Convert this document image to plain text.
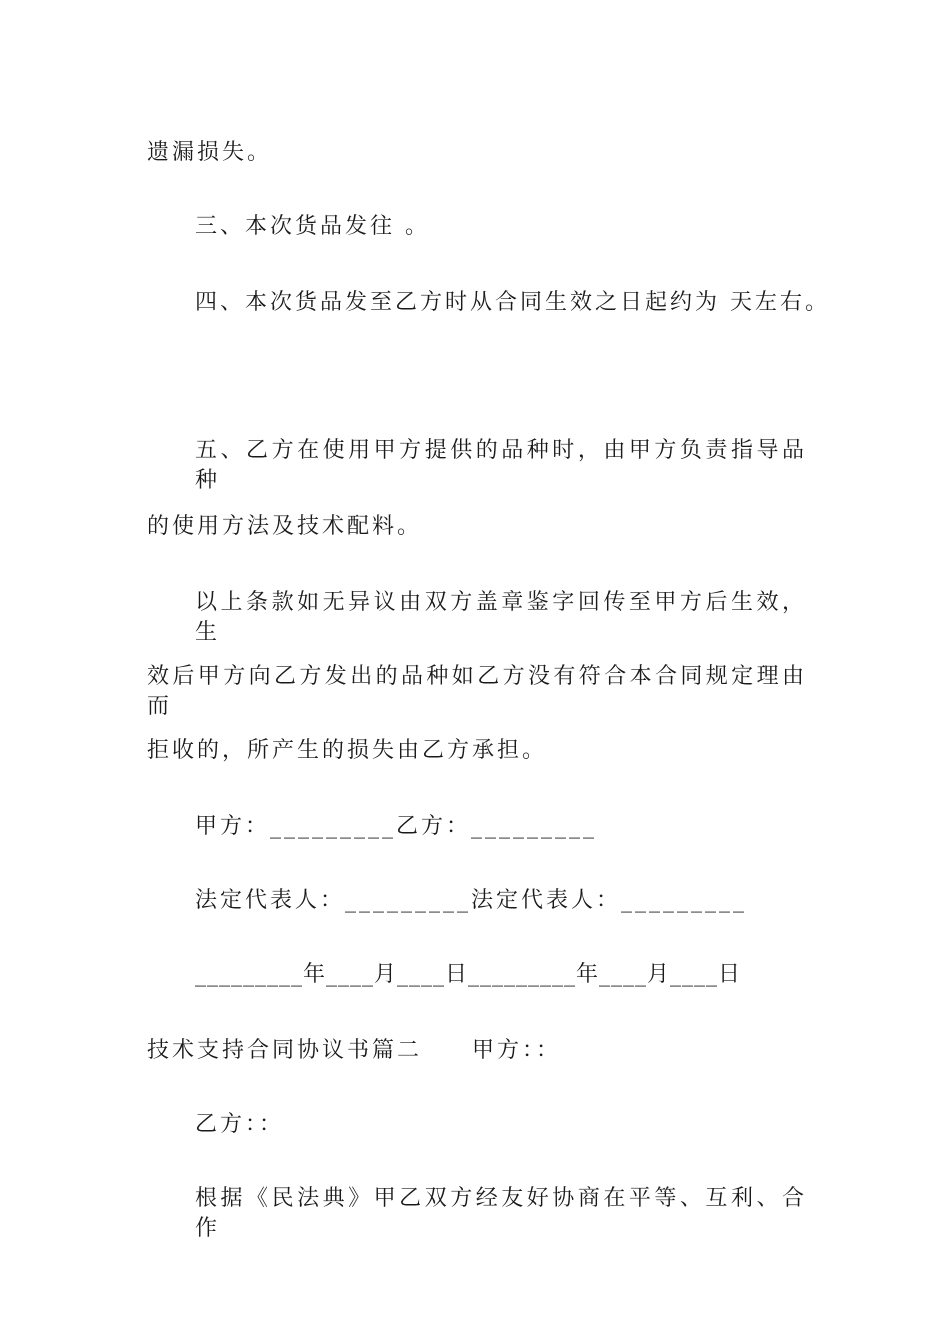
遗漏损失。
三、本次货品发往 。
四、本次货品发至乙方时从合同生效之日起约为 天左右。
五、乙方在使用甲方提供的品种时，由甲方负责指导品种
的使用方法及技术配料。
以上条款如无异议由双方盖章鉴字回传至甲方后生效，生
效后甲方向乙方发出的品种如乙方没有符合本合同规定理由而
拒收的，所产生的损失由乙方承担。
甲方：_________乙方：_________
法定代表人：_________法定代表人：_________
_________年____月____日_________年____月____日
技术支持合同协议书篇二　　甲方：：
乙方：：
根据《民法典》甲乙双方经友好协商在平等、互利、合作
